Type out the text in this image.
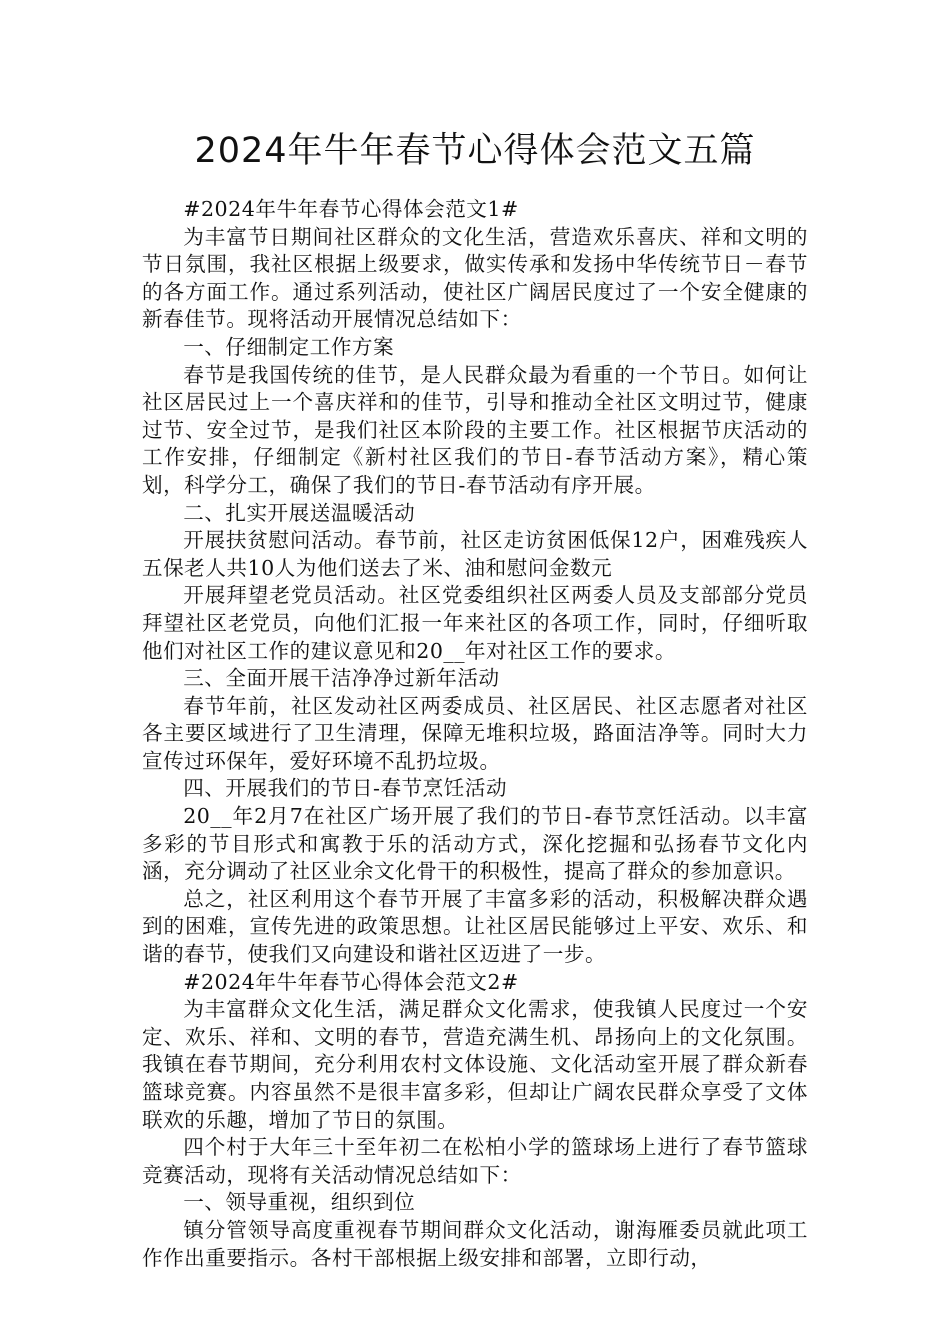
2024年牛年春节心得体会范文五篇

#2024年牛年春节心得体会范文1#

为丰富节日期间社区群众的文化生活，营造欢乐喜庆、祥和文明的节日氛围，我社区根据上级要求，做实传承和发扬中华传统节日－春节的各方面工作。通过系列活动，使社区广阔居民度过了一个安全健康的新春佳节。现将活动开展情况总结如下：

一、仔细制定工作方案

春节是我国传统的佳节，是人民群众最为看重的一个节日。如何让社区居民过上一个喜庆祥和的佳节，引导和推动全社区文明过节，健康过节、安全过节，是我们社区本阶段的主要工作。社区根据节庆活动的工作安排，仔细制定《新村社区我们的节日-春节活动方案》，精心策划，科学分工，确保了我们的节日-春节活动有序开展。

二、扎实开展送温暖活动

开展扶贫慰问活动。春节前，社区走访贫困低保12户，困难残疾人五保老人共10人为他们送去了米、油和慰问金数元

开展拜望老党员活动。社区党委组织社区两委人员及支部部分党员拜望社区老党员，向他们汇报一年来社区的各项工作，同时，仔细听取他们对社区工作的建议意见和20__年对社区工作的要求。

三、全面开展干洁净净过新年活动

春节年前，社区发动社区两委成员、社区居民、社区志愿者对社区各主要区域进行了卫生清理，保障无堆积垃圾，路面洁净等。同时大力宣传过环保年，爱好环境不乱扔垃圾。

四、开展我们的节日-春节烹饪活动

20__年2月7在社区广场开展了我们的节日-春节烹饪活动。以丰富多彩的节目形式和寓教于乐的活动方式，深化挖掘和弘扬春节文化内涵，充分调动了社区业余文化骨干的积极性，提高了群众的参加意识。

总之，社区利用这个春节开展了丰富多彩的活动，积极解决群众遇到的困难，宣传先进的政策思想。让社区居民能够过上平安、欢乐、和谐的春节，使我们又向建设和谐社区迈进了一步。

#2024年牛年春节心得体会范文2#

为丰富群众文化生活，满足群众文化需求，使我镇人民度过一个安定、欢乐、祥和、文明的春节，营造充满生机、昂扬向上的文化氛围。我镇在春节期间，充分利用农村文体设施、文化活动室开展了群众新春篮球竞赛。内容虽然不是很丰富多彩，但却让广阔农民群众享受了文体联欢的乐趣，增加了节日的氛围。

四个村于大年三十至年初二在松柏小学的篮球场上进行了春节篮球竞赛活动，现将有关活动情况总结如下：

一、领导重视，组织到位

镇分管领导高度重视春节期间群众文化活动，谢海雁委员就此项工作作出重要指示。各村干部根据上级安排和部署，立即行动，
